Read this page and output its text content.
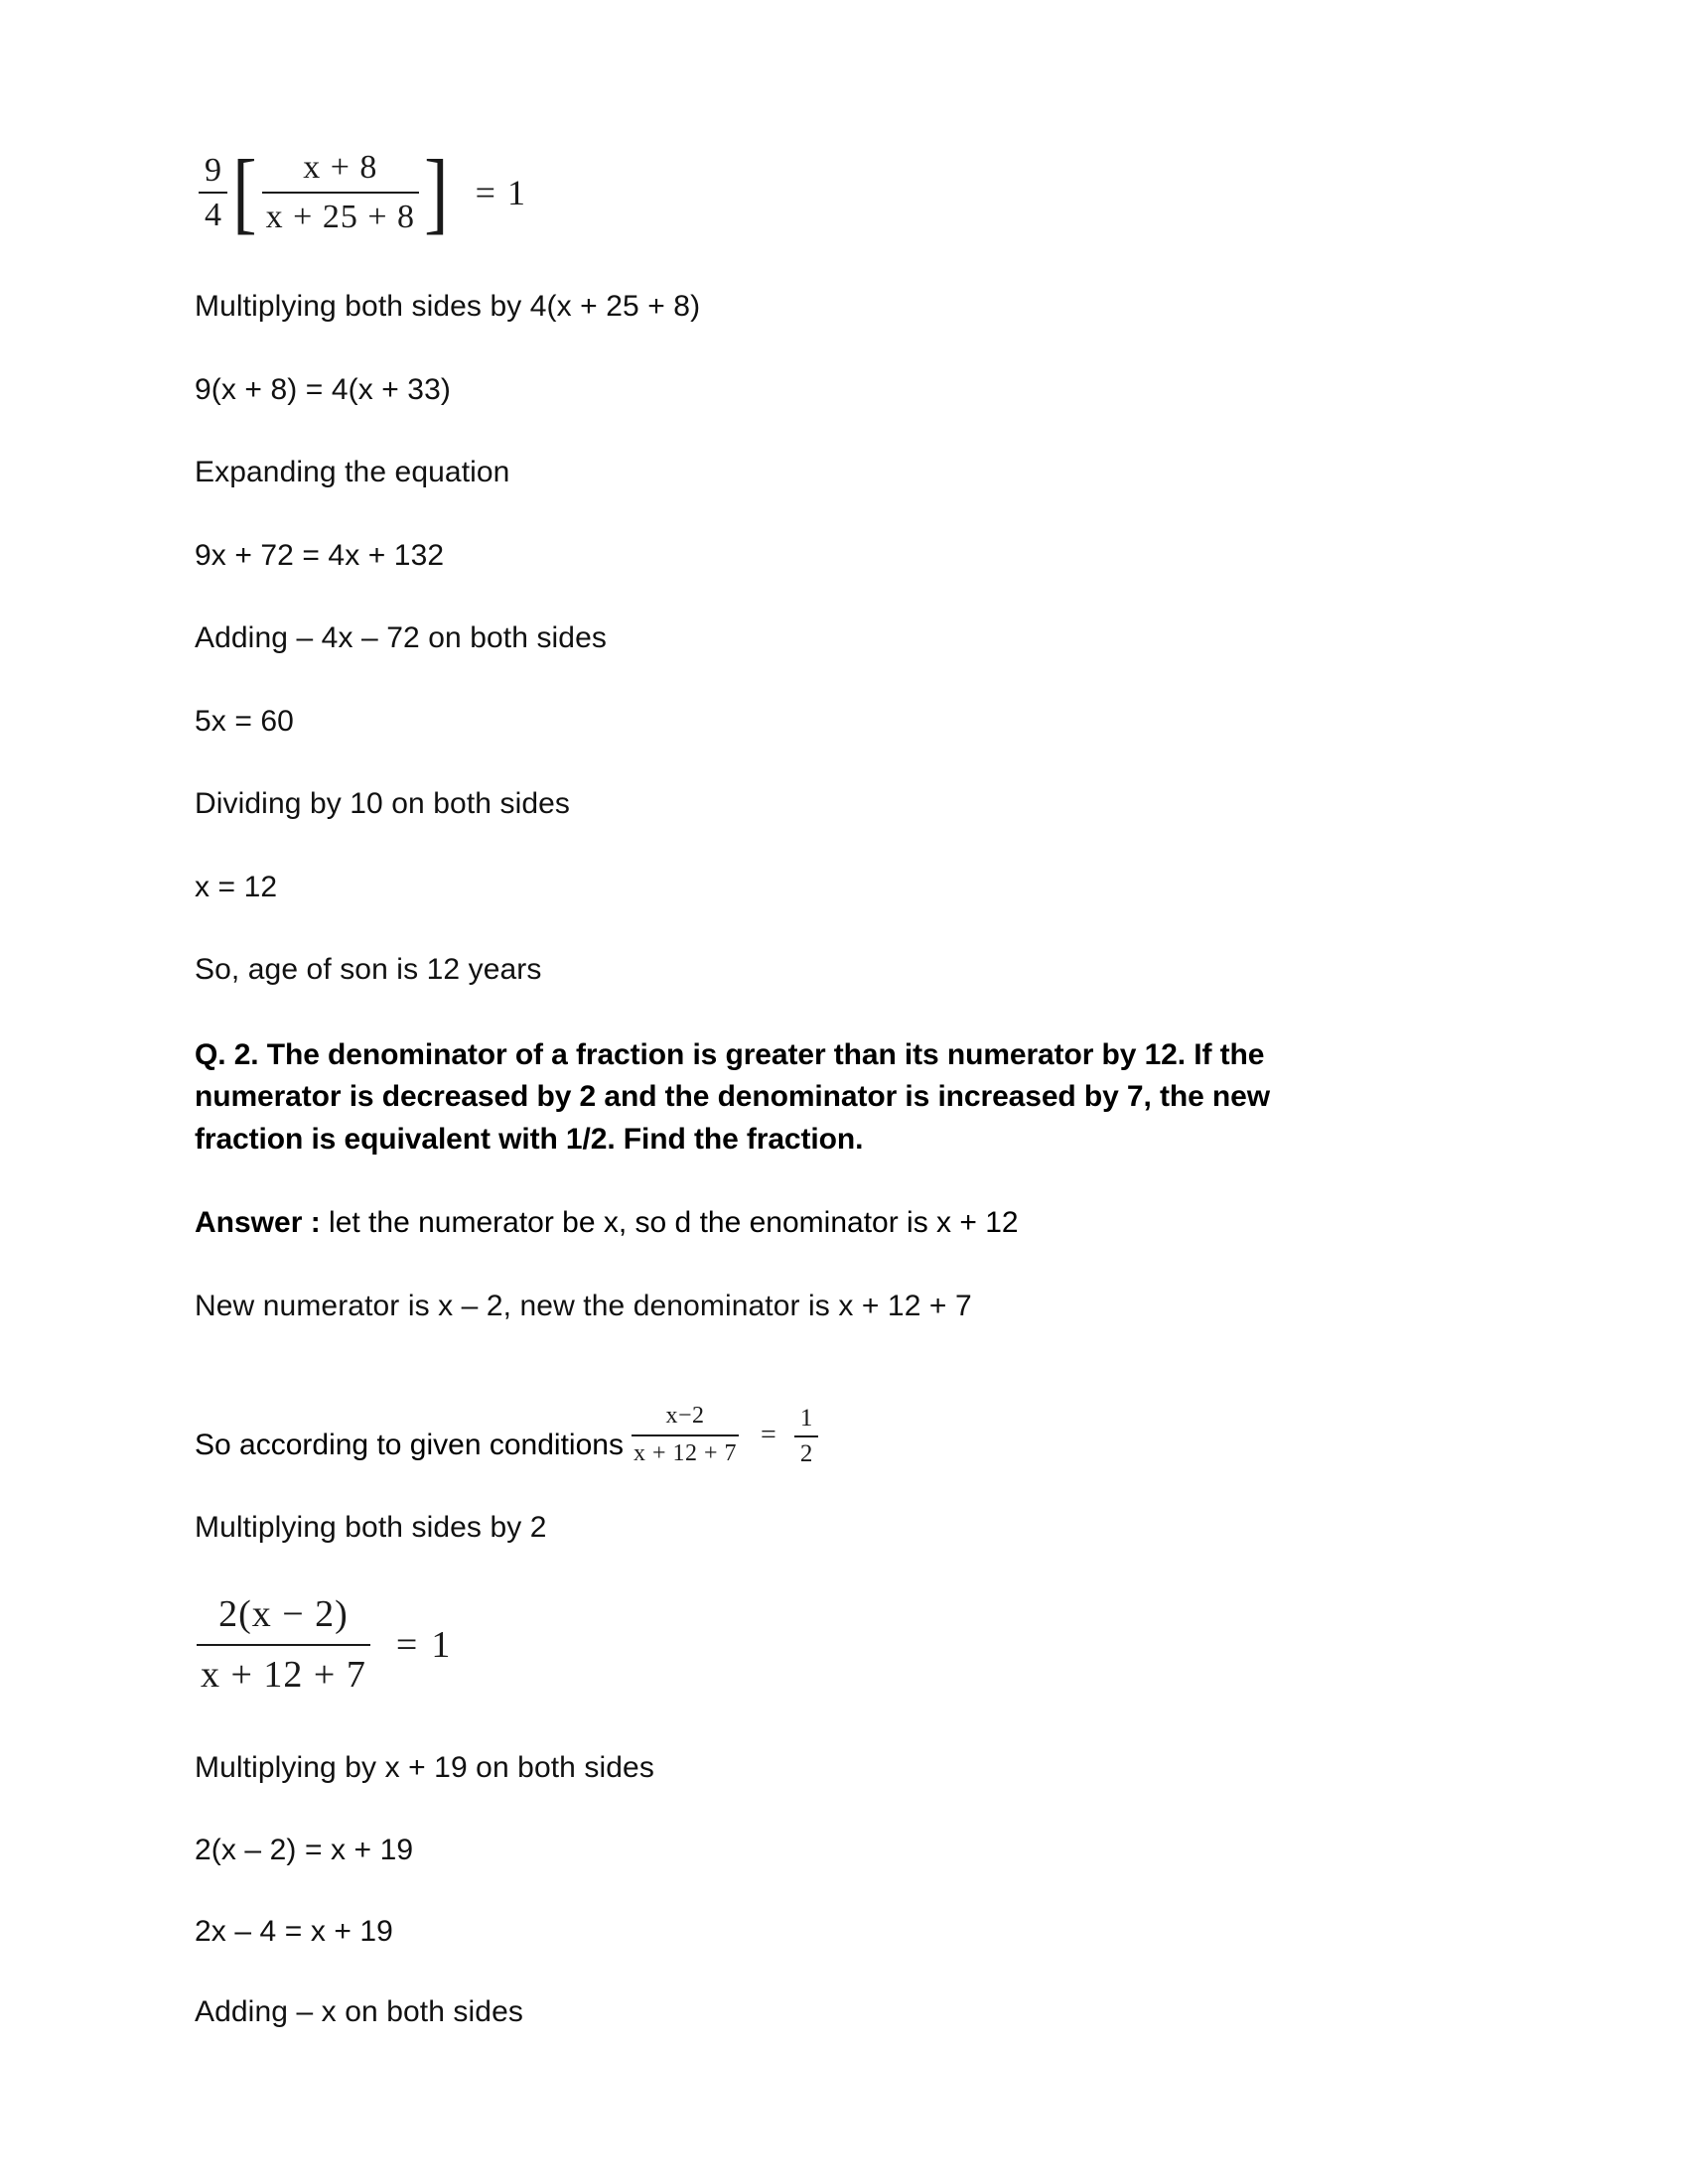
$\frac{9}{4}$ [ $\frac{x + 8}{x + 25 + 8}$ ] = 1

Multiplying both sides by 4(x + 25 + 8)

9(x + 8) = 4(x + 33)

Expanding the equation

9x + 72 = 4x + 132

Adding – 4x – 72 on both sides

5x = 60

Dividing by 10 on both sides

x = 12

So, age of son is 12 years

Q. 2. The denominator of a fraction is greater than its numerator by 12. If the numerator is decreased by 2 and the denominator is increased by 7, the new fraction is equivalent with 1/2. Find the fraction.

Answer : let the numerator be x, so d the enominator is x + 12

New numerator is x – 2, new the denominator is x + 12 + 7

So according to given conditions $\frac{x-2}{x + 12 + 7} = \frac{1}{2}$

Multiplying both sides by 2

$\frac{2(x - 2)}{x + 12 + 7} = 1$

Multiplying by x + 19 on both sides

2(x – 2) = x + 19

2x – 4 = x + 19

Adding – x on both sides
